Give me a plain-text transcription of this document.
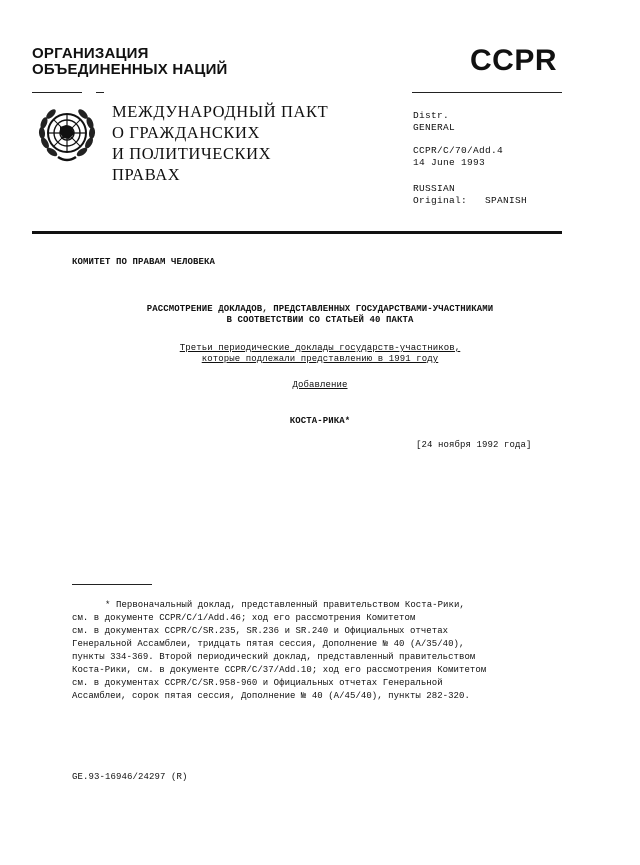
ОРГАНИЗАЦИЯ
ОБЪЕДИНЕННЫХ НАЦИЙ	CCPR
МЕЖДУНАРОДНЫЙ ПАКТ
О ГРАЖДАНСКИХ
И ПОЛИТИЧЕСКИХ
ПРАВАХ
Distr.
GENERAL
CCPR/C/70/Add.4
14 June 1993
RUSSIAN
Original: SPANISH
КОМИТЕТ ПО ПРАВАМ ЧЕЛОВЕКА
РАССМОТРЕНИЕ ДОКЛАДОВ, ПРЕДСТАВЛЕННЫХ ГОСУДАРСТВАМИ-УЧАСТНИКАМИ
В СООТВЕТСТВИИ СО СТАТЬЕЙ 40 ПАКТА
Третьи периодические доклады государств-участников,
которые подлежали представлению в 1991 году
Добавление
КОСТА-РИКА*
[24 ноября 1992 года]
* Первоначальный доклад, представленный правительством Коста-Рики,
см. в документе CCPR/C/1/Add.46; ход его рассмотрения Комитетом
см. в документах CCPR/C/SR.235, SR.236 и SR.240 и Официальных отчетах
Генеральной Ассамблеи, тридцать пятая сессия, Дополнение № 40 (A/35/40),
пункты 334-369. Второй периодический доклад, представленный правительством
Коста-Рики, см. в документе CCPR/C/37/Add.10; ход его рассмотрения Комитетом
см. в документах CCPR/C/SR.958-960 и Официальных отчетах Генеральной
Ассамблеи, сорок пятая сессия, Дополнение № 40 (A/45/40), пункты 282-320.
GE.93-16946/24297 (R)
